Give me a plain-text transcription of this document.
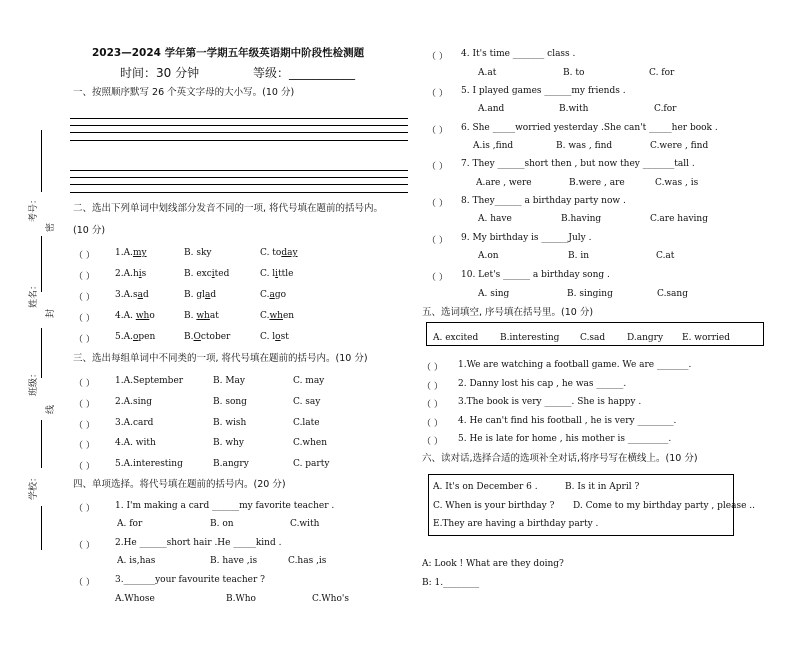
考号：
密
姓名：
封
班级：
线
学校：
2023—2024 学年第一学期五年级英语期中阶段性检测题
时间：30 分钟	等级：___________
一、按照顺序默写 26 个英文字母的大小写。(10 分)
二、选出下列单词中划线部分发音不同的一项, 将代号填在题前的括号内。
(10 分)
（ ） 1.A.my	B. sky	C. today
（ ） 2.A.his	B. excited	C. little
（ ） 3.A.sad	B. glad	C.ago
（ ） 4.A. who	B. what	C.when
（ ） 5.A.open	B.October	C. lost
三、选出每组单词中不同类的一项, 将代号填在题前的括号内。(10 分)
（ ） 1.A.September	B. May	C. may
（ ） 2.A.sing	B. song	C. say
（ ） 3.A.card	B. wish	C.late
（ ） 4.A. with	B. why	C.when
（ ） 5.A.interesting	B.angry	C. party
四、单项选择。将代号填在题前的括号内。(20 分)
（ ） 1. I'm making a card ______my favorite teacher .
A. for	B. on	C.with
（ ） 2.He ______short hair .He _____kind .
A. is,has	B. have ,is	C.has ,is
（ ） 3._______your favourite teacher ?
A.Whose	B.Who	C.Who's
（ ） 4. It's time _______ class .
A.at	B. to	C. for
（ ） 5. I played games ______my friends .
A.and	B.with	C.for
（ ） 6. She _____worried yesterday .She can't _____her book .
A.is ,find	B. was , find	C.were , find
（ ） 7. They ______short then , but now they _______tall .
A.are , were	B.were , are	C.was , is
（ ） 8. They______ a birthday party now .
A. have	B.having	C.are having
（ ） 9. My birthday is ______July .
A.on	B. in	C.at
（ ） 10. Let's ______ a birthday song .
A. sing	B. singing	C.sang
五、选词填空, 序号填在括号里。(10 分)
A. excited B.interesting C.sad D.angry E. worried
（ ） 1.We are watching a football game. We are _______.
（ ） 2. Danny lost his cap , he was ______.
（ ） 3.The book is very ______. She is happy .
（ ） 4. He can't find his football , he is very ________.
（ ） 5. He is late for home , his mother is _________.
六、读对话,选择合适的选项补全对话,将序号写在横线上。(10 分)
A. It's on December 6 .	B. Is it in April ?
C. When is your birthday ? D. Come to my birthday party , please ..
E.They are having a birthday party .
A: Look ! What are they doing?
B: 1.________
